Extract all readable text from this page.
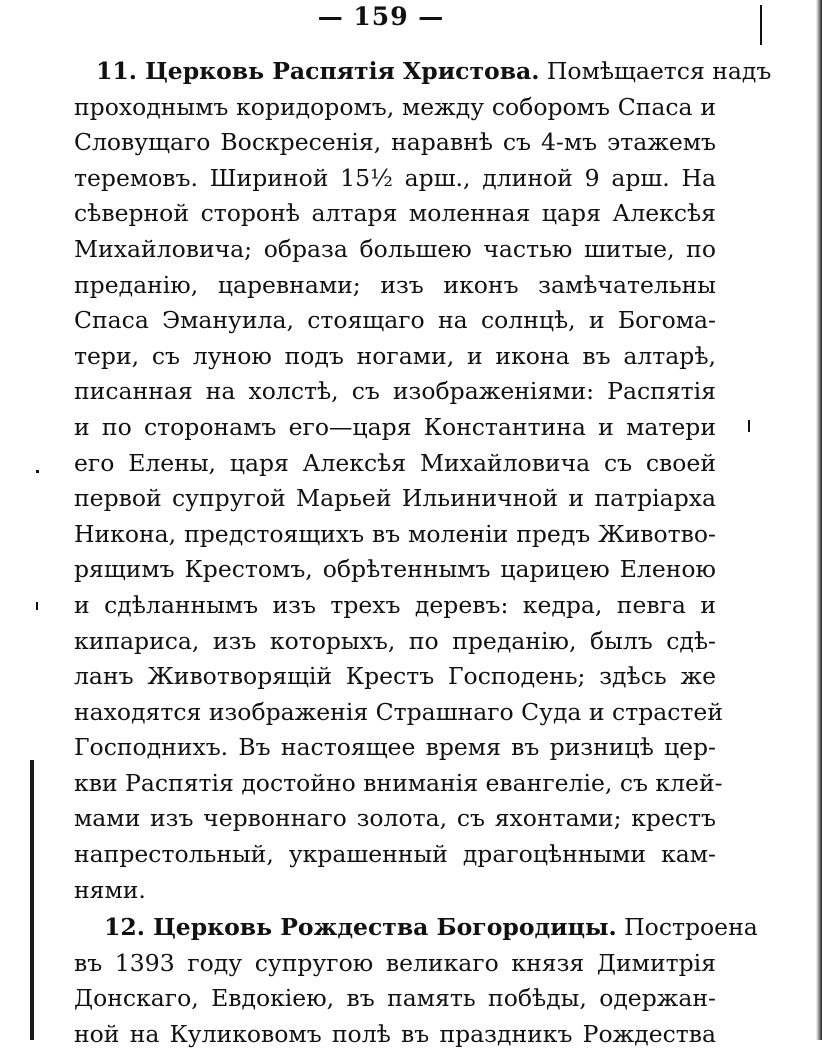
— 159 —
11. Церковь Распятія Христова. Помѣщается надъ
проходнымъ коридоромъ, между соборомъ Спаса и
Словущаго Воскресенія, наравнѣ съ 4-мъ этажемъ
теремовъ. Шириной 15½ арш., длиной 9 арш. На
сѣверной сторонѣ алтаря моленная царя Алексѣя
Михайловича; образа большею частью шитые, по
преданію, царевнами; изъ иконъ замѣчательны
Спаса Эмануила, стоящаго на солнцѣ, и Богома-
тери, съ луною подъ ногами, и икона въ алтарѣ,
писанная на холстѣ, съ изображеніями: Распятія
и по сторонамъ его—царя Константина и матери
его Елены, царя Алексѣя Михайловича съ своей
первой супругой Марьей Ильиничной и патріарха
Никона, предстоящихъ въ моленіи предъ Животво-
рящимъ Крестомъ, обрѣтеннымъ царицею Еленою
и сдѣланнымъ изъ трехъ деревъ: кедра, певга и
кипариса, изъ которыхъ, по преданію, былъ сдѣ-
ланъ Животворящій Крестъ Господень; здѣсь же
находятся изображенія Страшнаго Суда и страстей
Господнихъ. Въ настоящее время въ ризницѣ цер-
кви Распятія достойно вниманія евангеліе, съ клей-
мами изъ червоннаго золота, съ яхонтами; крестъ
напрестольный, украшенный драгоцѣнными кам-
нями.
12. Церковь Рождества Богородицы. Построена
въ 1393 году супругою великаго князя Димитрія
Донскаго, Евдокіею, въ память побѣды, одержан-
ной на Куликовомъ полѣ въ праздникъ Рождества
